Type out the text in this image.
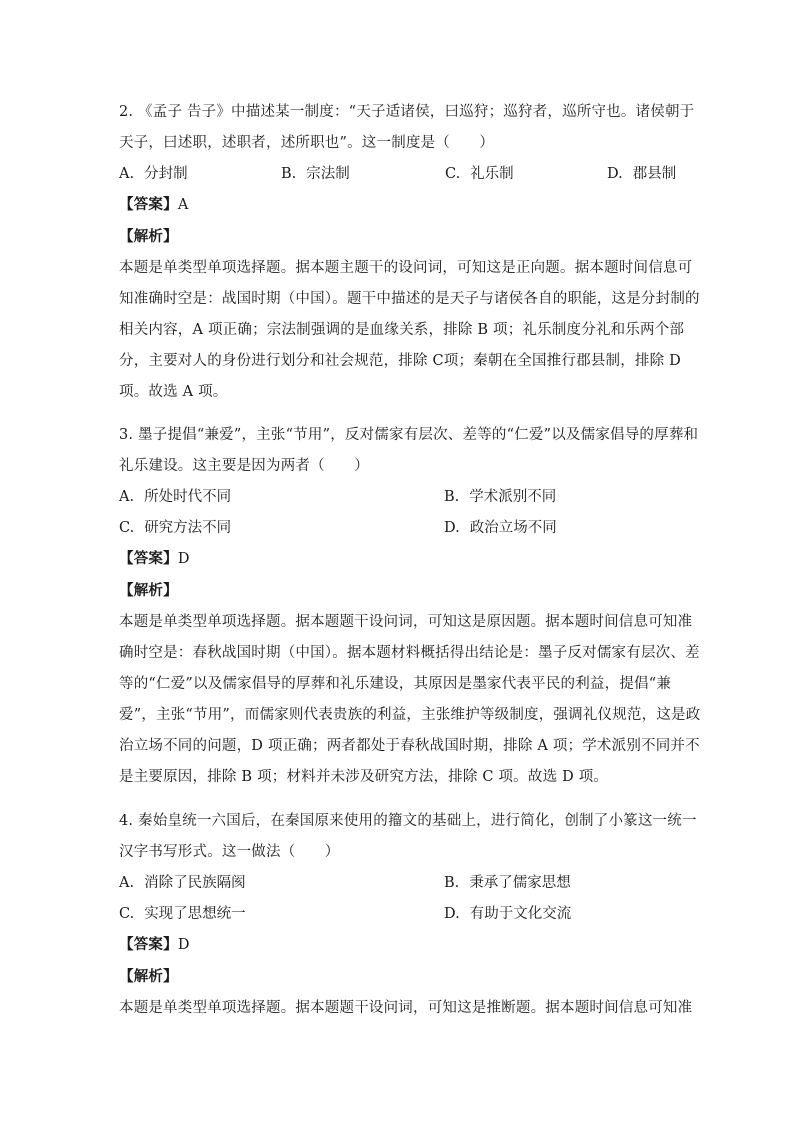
2. 《孟子 告子》中描述某一制度：“天子适诸侯，曰巡狩；巡狩者，巡所守也。诸侯朝于
天子，曰述职，述职者，述所职也”。这一制度是（　　）
A. 分封制	B. 宗法制	C. 礼乐制	D. 郡县制
【答案】A
【解析】
本题是单类型单项选择题。据本题主题干的设问词，可知这是正向题。据本题时间信息可
知准确时空是：战国时期（中国）。题干中描述的是天子与诸侯各自的职能，这是分封制的
相关内容，A 项正确；宗法制强调的是血缘关系，排除 B 项；礼乐制度分礼和乐两个部
分，主要对人的身份进行划分和社会规范，排除 C项；秦朝在全国推行郡县制，排除 D
项。故选 A 项。
3. 墨子提倡“兼爱”，主张“节用”，反对儒家有层次、差等的“仁爱”以及儒家倡导的厚葬和
礼乐建设。这主要是因为两者（　　）
A. 所处时代不同	B. 学术派别不同
C. 研究方法不同	D. 政治立场不同
【答案】D
【解析】
本题是单类型单项选择题。据本题题干设问词，可知这是原因题。据本题时间信息可知准
确时空是：春秋战国时期（中国）。据本题材料概括得出结论是：墨子反对儒家有层次、差
等的“仁爱”以及儒家倡导的厚葬和礼乐建设，其原因是墨家代表平民的利益，提倡“兼
爱”，主张“节用”，而儒家则代表贵族的利益，主张维护等级制度，强调礼仪规范，这是政
治立场不同的问题，D 项正确；两者都处于春秋战国时期，排除 A 项；学术派别不同并不
是主要原因，排除 B 项；材料并未涉及研究方法，排除 C 项。故选 D 项。
4. 秦始皇统一六国后，在秦国原来使用的籀文的基础上，进行简化，创制了小篆这一统一
汉字书写形式。这一做法（　　）
A. 消除了民族隔阂	B. 秉承了儒家思想
C. 实现了思想统一	D. 有助于文化交流
【答案】D
【解析】
本题是单类型单项选择题。据本题题干设问词，可知这是推断题。据本题时间信息可知准
